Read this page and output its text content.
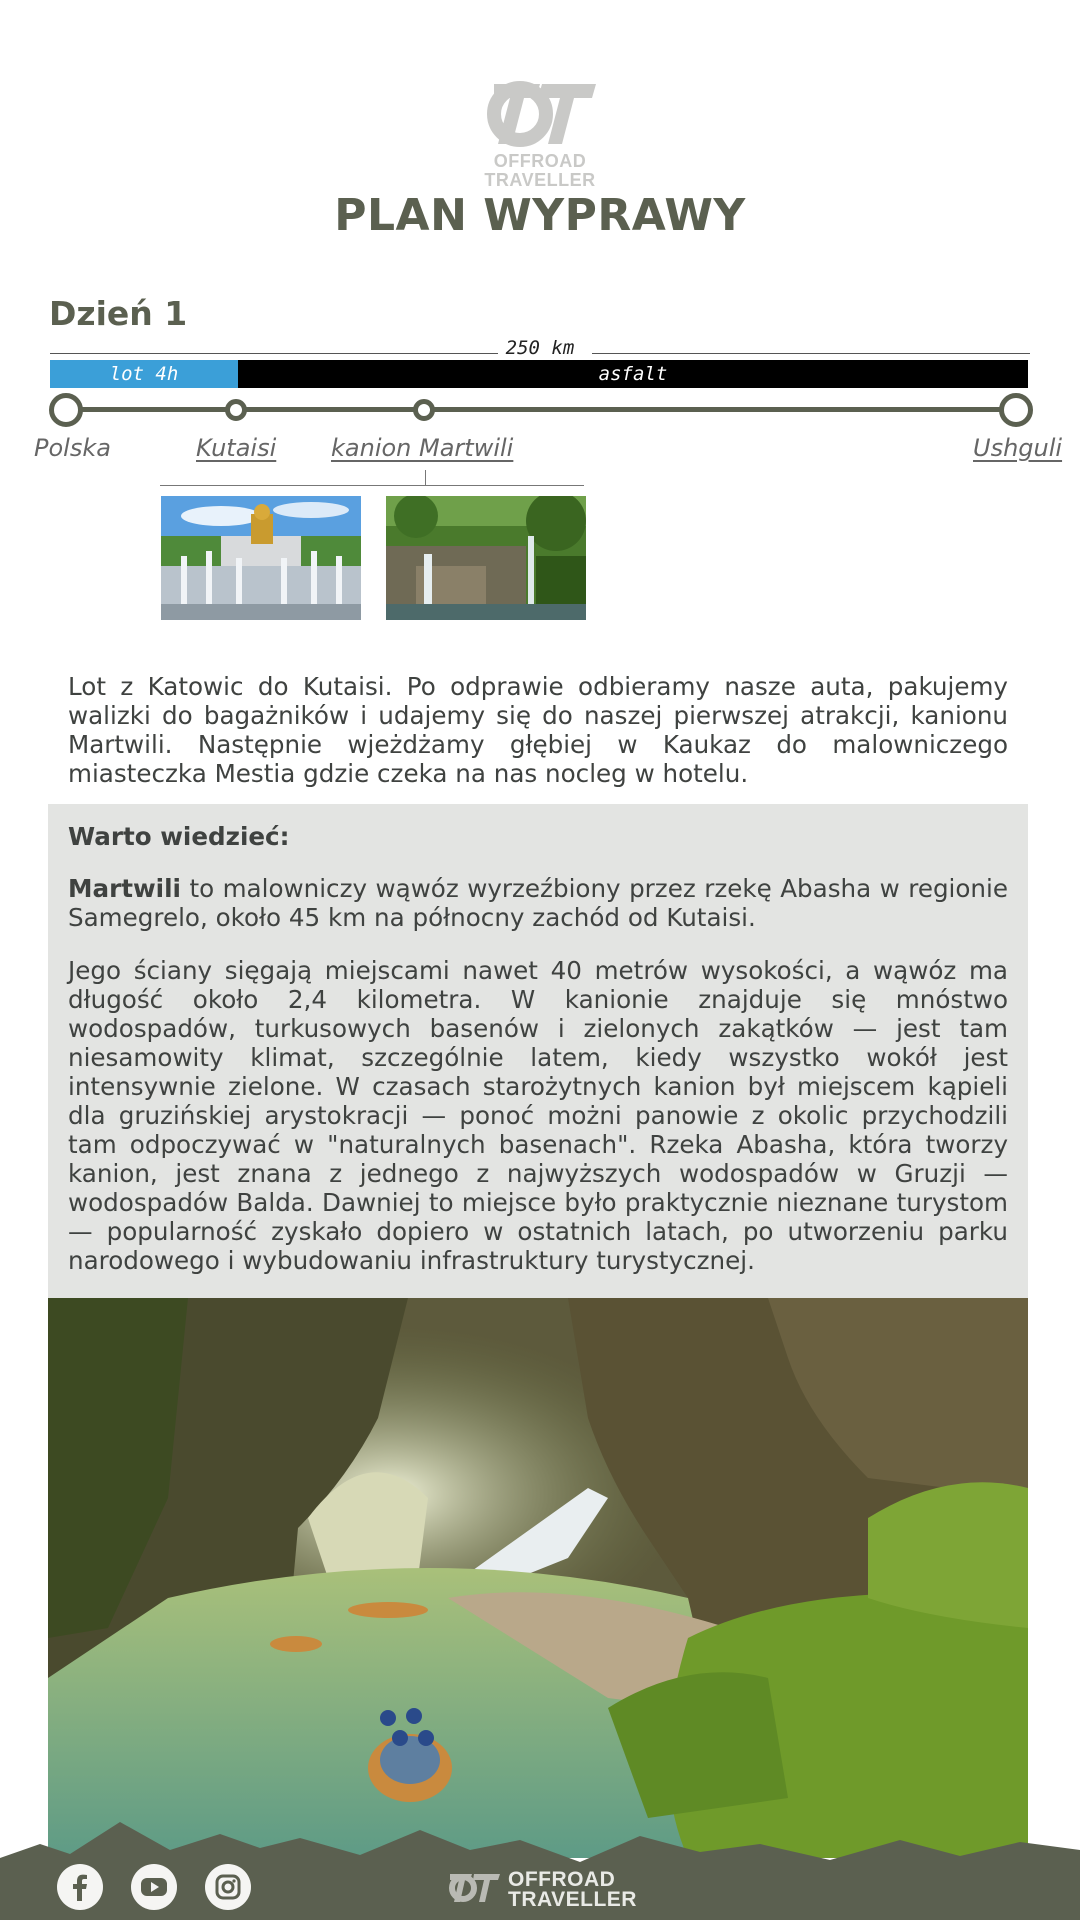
OFFROAD
TRAVELLER
PLAN WYPRAWY
Dzień 1
250 km
lot 4h	asfalt
Polska	Kutaisi kanion Martwili	Ushguli

Lot z Katowic do Kutaisi. Po odprawie odbieramy nasze auta, pakujemy walizki do bagażników i udajemy się do naszej pierwszej atrakcji, kanionu Martwili. Następnie wjeżdżamy głębiej w Kaukaz do malowniczego miasteczka Mestia gdzie czeka na nas nocleg w hotelu.

Warto wiedzieć:

Martwili to malowniczy wąwóz wyrzeźbiony przez rzekę Abasha w regionie Samegrelo, około 45 km na północny zachód od Kutaisi.

Jego ściany sięgają miejscami nawet 40 metrów wysokości, a wąwóz ma długość około 2,4 kilometra. W kanionie znajduje się mnóstwo wodospadów, turkusowych basenów i zielonych zakątków — jest tam niesamowity klimat, szczególnie latem, kiedy wszystko wokół jest intensywnie zielone. W czasach starożytnych kanion był miejscem kąpieli dla gruzińskiej arystokracji — ponoć możni panowie z okolic przychodzili tam odpoczywać w "naturalnych basenach". Rzeka Abasha, która tworzy kanion, jest znana z jednego z najwyższych wodospadów w Gruzji — wodospadów Balda. Dawniej to miejsce było praktycznie nieznane turystom — popularność zyskało dopiero w ostatnich latach, po utworzeniu parku narodowego i wybudowaniu infrastruktury turystycznej.

OFFROAD
TRAVELLER
